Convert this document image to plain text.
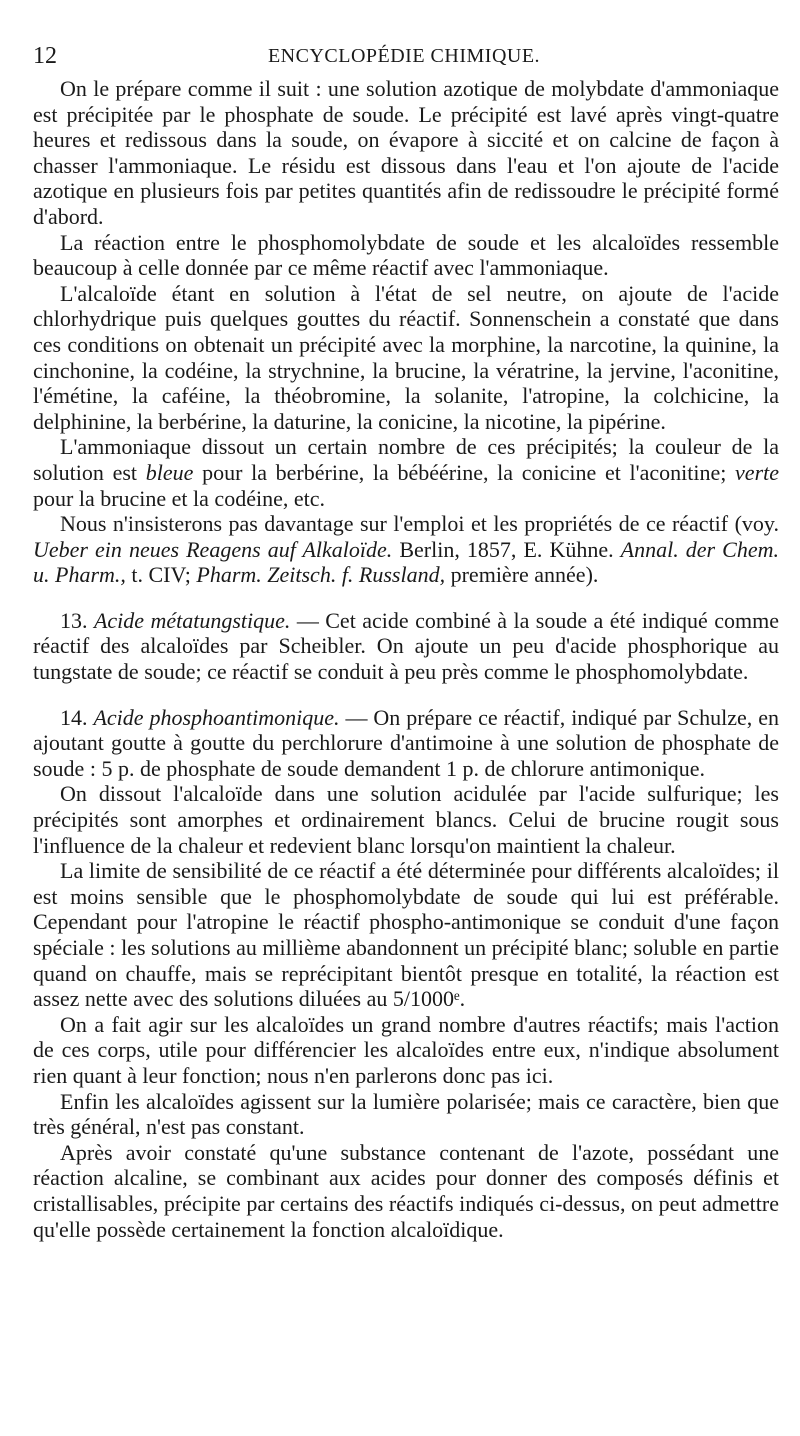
12	ENCYCLOPÉDIE CHIMIQUE.

On le prépare comme il suit : une solution azotique de molybdate d'ammoniaque est précipitée par le phosphate de soude. Le précipité est lavé après vingt-quatre heures et redissous dans la soude, on évapore à siccité et on calcine de façon à chasser l'ammoniaque. Le résidu est dissous dans l'eau et l'on ajoute de l'acide azotique en plusieurs fois par petites quantités afin de redissoudre le précipité formé d'abord.

La réaction entre le phosphomolybdate de soude et les alcaloïdes ressemble beaucoup à celle donnée par ce même réactif avec l'ammoniaque.

L'alcaloïde étant en solution à l'état de sel neutre, on ajoute de l'acide chlorhydrique puis quelques gouttes du réactif. Sonnenschein a constaté que dans ces conditions on obtenait un précipité avec la morphine, la narcotine, la quinine, la cinchonine, la codéine, la strychnine, la brucine, la vératrine, la jervine, l'aconitine, l'émétine, la caféine, la théobromine, la solanite, l'atropine, la colchicine, la delphinine, la berbérine, la daturine, la conicine, la nicotine, la pipérine.

L'ammoniaque dissout un certain nombre de ces précipités; la couleur de la solution est bleue pour la berbérine, la bébéérine, la conicine et l'aconitine; verte pour la brucine et la codéine, etc.

Nous n'insisterons pas davantage sur l'emploi et les propriétés de ce réactif (voy. Ueber ein neues Reagens auf Alkaloïde. Berlin, 1857, E. Kühne. Annal. der Chem. u. Pharm., t. CIV; Pharm. Zeitsch. f. Russland, première année).

13. Acide métatungstique. — Cet acide combiné à la soude a été indiqué comme réactif des alcaloïdes par Scheibler. On ajoute un peu d'acide phosphorique au tungstate de soude; ce réactif se conduit à peu près comme le phosphomolybdate.

14. Acide phosphoantimonique. — On prépare ce réactif, indiqué par Schulze, en ajoutant goutte à goutte du perchlorure d'antimoine à une solution de phosphate de soude : 5 p. de phosphate de soude demandent 1 p. de chlorure antimonique.

On dissout l'alcaloïde dans une solution acidulée par l'acide sulfurique; les précipités sont amorphes et ordinairement blancs. Celui de brucine rougit sous l'influence de la chaleur et redevient blanc lorsqu'on maintient la chaleur.

La limite de sensibilité de ce réactif a été déterminée pour différents alcaloïdes; il est moins sensible que le phosphomolybdate de soude qui lui est préférable. Cependant pour l'atropine le réactif phospho-antimonique se conduit d'une façon spéciale : les solutions au millième abandonnent un précipité blanc; soluble en partie quand on chauffe, mais se reprécipitant bientôt presque en totalité, la réaction est assez nette avec des solutions diluées au 5/1000ᵉ.

On a fait agir sur les alcaloïdes un grand nombre d'autres réactifs; mais l'action de ces corps, utile pour différencier les alcaloïdes entre eux, n'indique absolument rien quant à leur fonction; nous n'en parlerons donc pas ici.

Enfin les alcaloïdes agissent sur la lumière polarisée; mais ce caractère, bien que très général, n'est pas constant.

Après avoir constaté qu'une substance contenant de l'azote, possédant une réaction alcaline, se combinant aux acides pour donner des composés définis et cristallisables, précipite par certains des réactifs indiqués ci-dessus, on peut admettre qu'elle possède certainement la fonction alcaloïdique.
